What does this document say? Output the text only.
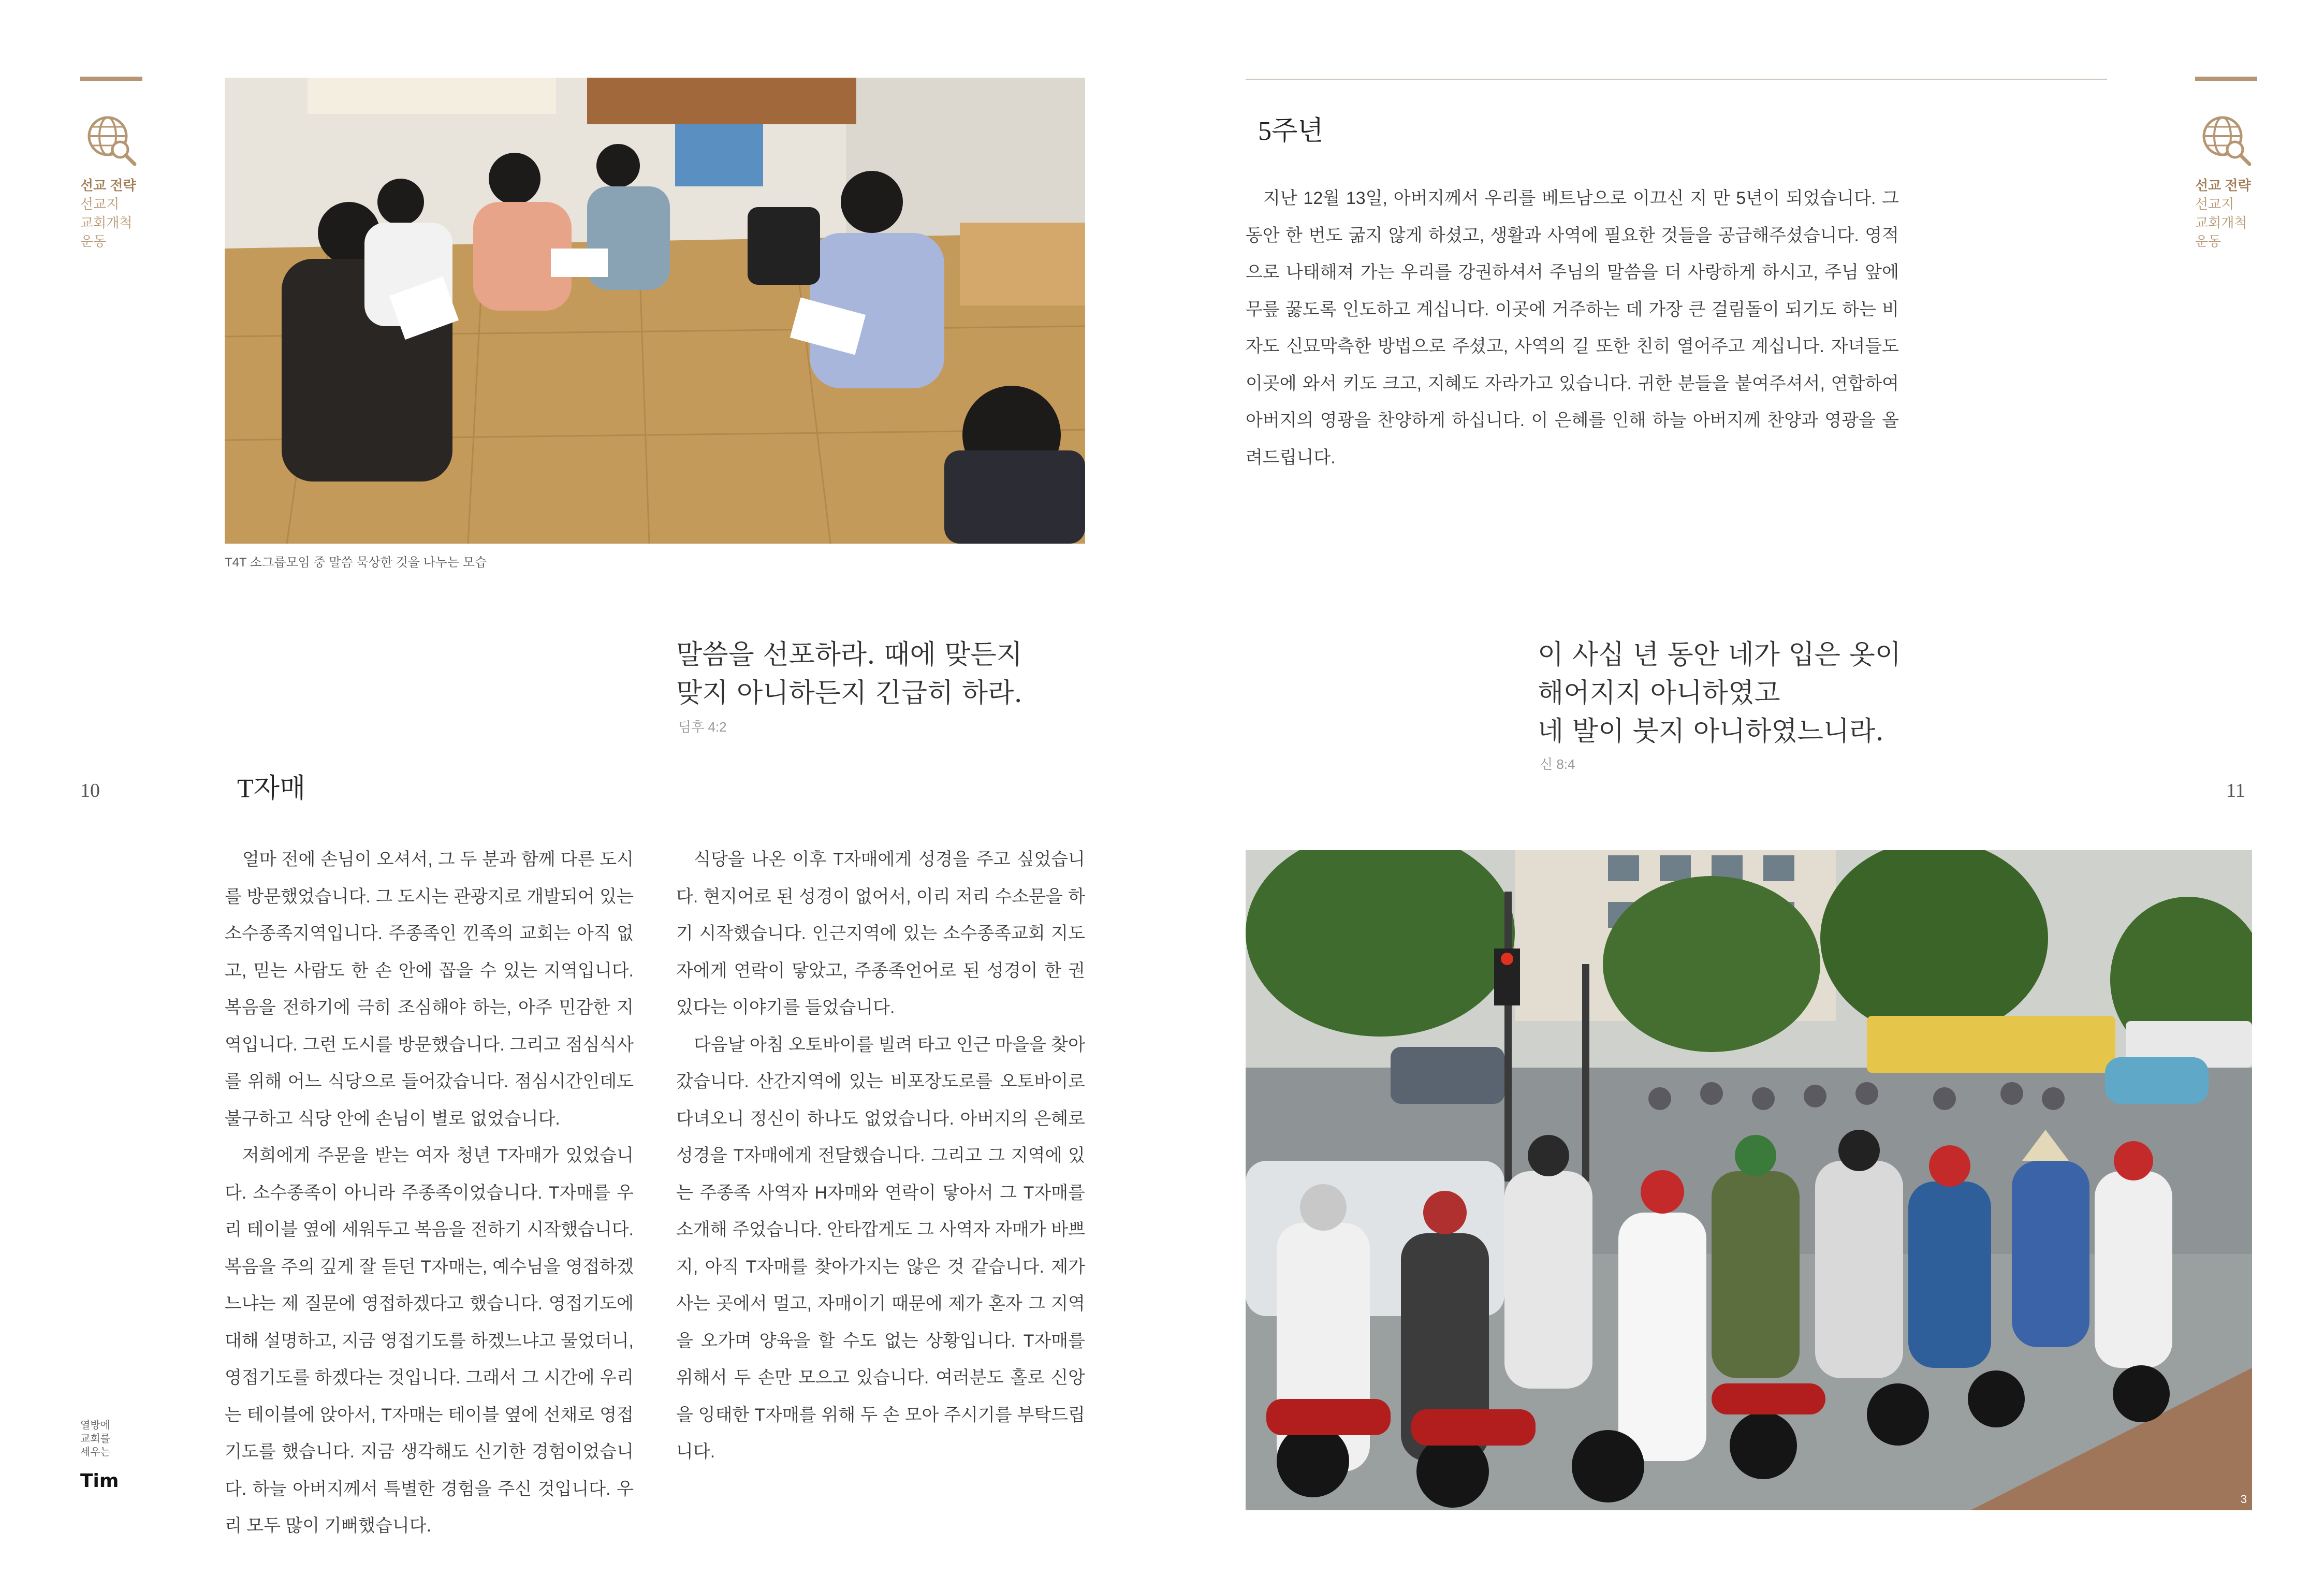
선교 전략
선교지
교회개척
운동
선교 전략
선교지
교회개척
운동
10	11
T4T 소그룹모임 중 말씀 묵상한 것을 나누는 모습
말씀을 선포하라. 때에 맞든지
맞지 아니하든지 긴급히 하라.
딤후 4:2
T자매

얼마 전에 손님이 오셔서, 그 두 분과 함께 다른 도시를 방문했었습니다. 그 도시는 관광지로 개발되어 있는 소수종족지역입니다. 주종족인 낀족의 교회는 아직 없고, 믿는 사람도 한 손 안에 꼽을 수 있는 지역입니다. 복음을 전하기에 극히 조심해야 하는, 아주 민감한 지역입니다. 그런 도시를 방문했습니다. 그리고 점심식사를 위해 어느 식당으로 들어갔습니다. 점심시간인데도 불구하고 식당 안에 손님이 별로 없었습니다.

저희에게 주문을 받는 여자 청년 T자매가 있었습니다. 소수종족이 아니라 주종족이었습니다. T자매를 우리 테이블 옆에 세워두고 복음을 전하기 시작했습니다. 복음을 주의 깊게 잘 듣던 T자매는, 예수님을 영접하겠느냐는 제 질문에 영접하겠다고 했습니다. 영접기도에 대해 설명하고, 지금 영접기도를 하겠느냐고 물었더니, 영접기도를 하겠다는 것입니다. 그래서 그 시간에 우리는 테이블에 앉아서, T자매는 테이블 옆에 선채로 영접기도를 했습니다. 지금 생각해도 신기한 경험이었습니다. 하늘 아버지께서 특별한 경험을 주신 것입니다. 우리 모두 많이 기뻐했습니다.

식당을 나온 이후 T자매에게 성경을 주고 싶었습니다. 현지어로 된 성경이 없어서, 이리 저리 수소문을 하기 시작했습니다. 인근지역에 있는 소수종족교회 지도자에게 연락이 닿았고, 주종족언어로 된 성경이 한 권 있다는 이야기를 들었습니다.

다음날 아침 오토바이를 빌려 타고 인근 마을을 찾아갔습니다. 산간지역에 있는 비포장도로를 오토바이로 다녀오니 정신이 하나도 없었습니다. 아버지의 은혜로 성경을 T자매에게 전달했습니다. 그리고 그 지역에 있는 주종족 사역자 H자매와 연락이 닿아서 그 T자매를 소개해 주었습니다. 안타깝게도 그 사역자 자매가 바쁘지, 아직 T자매를 찾아가지는 않은 것 같습니다. 제가 사는 곳에서 멀고, 자매이기 때문에 제가 혼자 그 지역을 오가며 양육을 할 수도 없는 상황입니다. T자매를 위해서 두 손만 모으고 있습니다. 여러분도 홀로 신앙을 잉태한 T자매를 위해 두 손 모아 주시기를 부탁드립니다.

열방에
교회를
세우는
Tim
5주년

지난 12월 13일, 아버지께서 우리를 베트남으로 이끄신 지 만 5년이 되었습니다. 그 동안 한 번도 굶지 않게 하셨고, 생활과 사역에 필요한 것들을 공급해주셨습니다. 영적으로 나태해져 가는 우리를 강권하셔서 주님의 말씀을 더 사랑하게 하시고, 주님 앞에 무릎 꿇도록 인도하고 계십니다. 이곳에 거주하는 데 가장 큰 걸림돌이 되기도 하는 비자도 신묘막측한 방법으로 주셨고, 사역의 길 또한 친히 열어주고 계십니다. 자녀들도 이곳에 와서 키도 크고, 지혜도 자라가고 있습니다. 귀한 분들을 붙여주셔서, 연합하여 아버지의 영광을 찬양하게 하십니다. 이 은혜를 인해 하늘 아버지께 찬양과 영광을 올려드립니다.

이 사십 년 동안 네가 입은 옷이
해어지지 아니하였고
네 발이 붓지 아니하였느니라.
신 8:4
3
